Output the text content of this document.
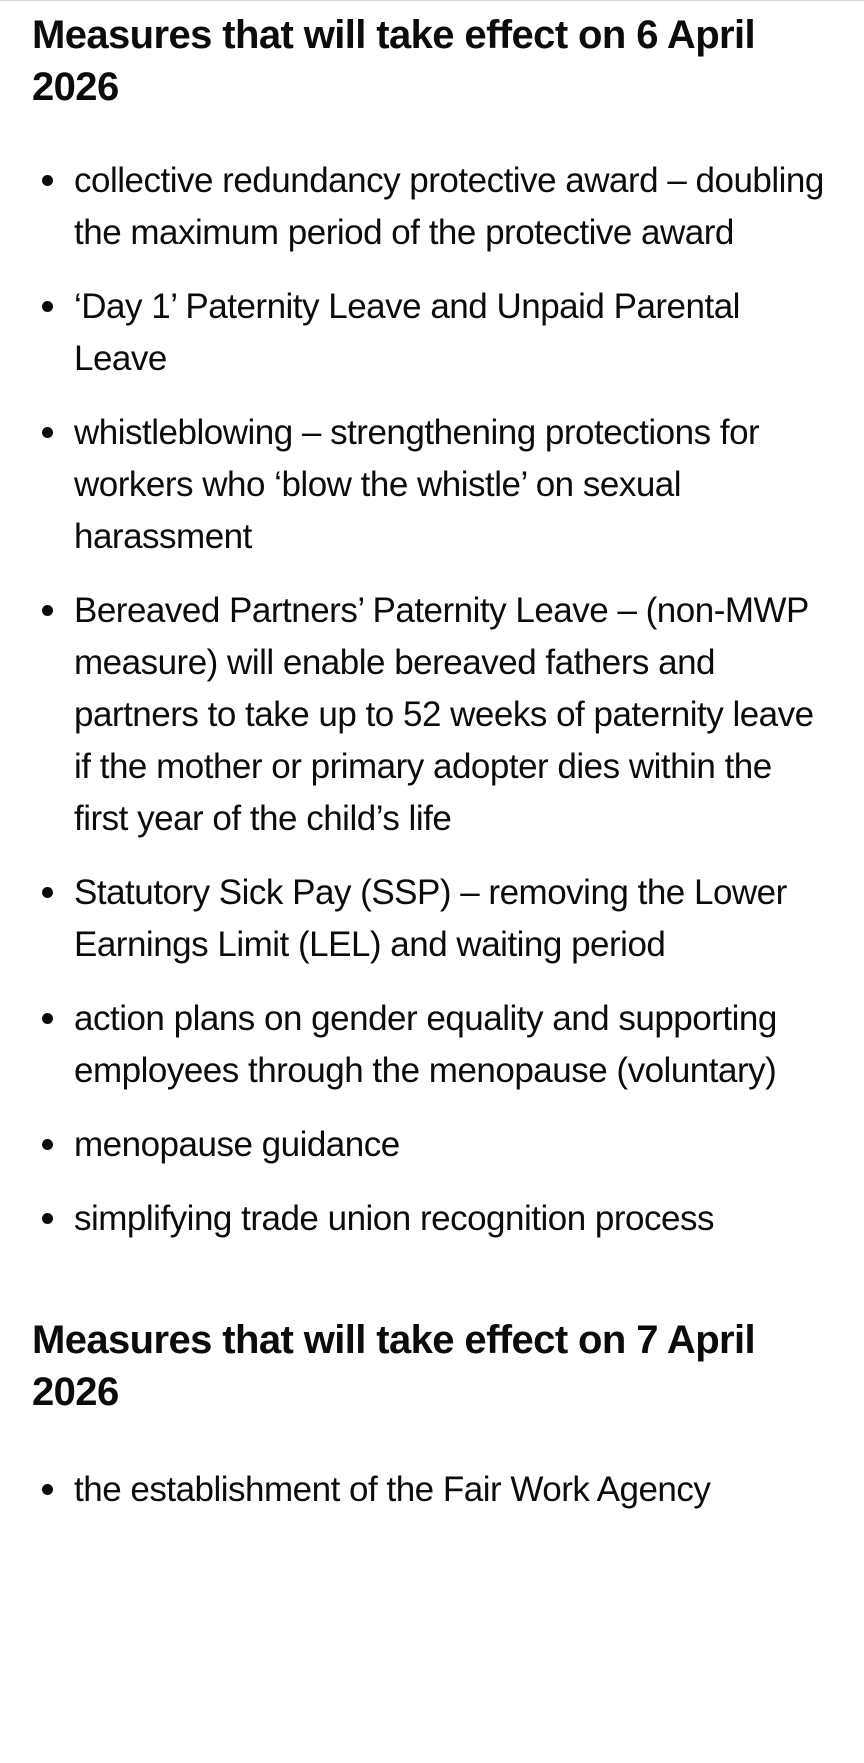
Measures that will take effect on 6 April 2026
collective redundancy protective award – doubling the maximum period of the protective award
‘Day 1’ Paternity Leave and Unpaid Parental Leave
whistleblowing – strengthening protections for workers who ‘blow the whistle’ on sexual harassment
Bereaved Partners’ Paternity Leave – (non-MWP measure) will enable bereaved fathers and partners to take up to 52 weeks of paternity leave if the mother or primary adopter dies within the first year of the child’s life
Statutory Sick Pay (SSP) – removing the Lower Earnings Limit (LEL) and waiting period
action plans on gender equality and supporting employees through the menopause (voluntary)
menopause guidance
simplifying trade union recognition process
Measures that will take effect on 7 April 2026
the establishment of the Fair Work Agency
